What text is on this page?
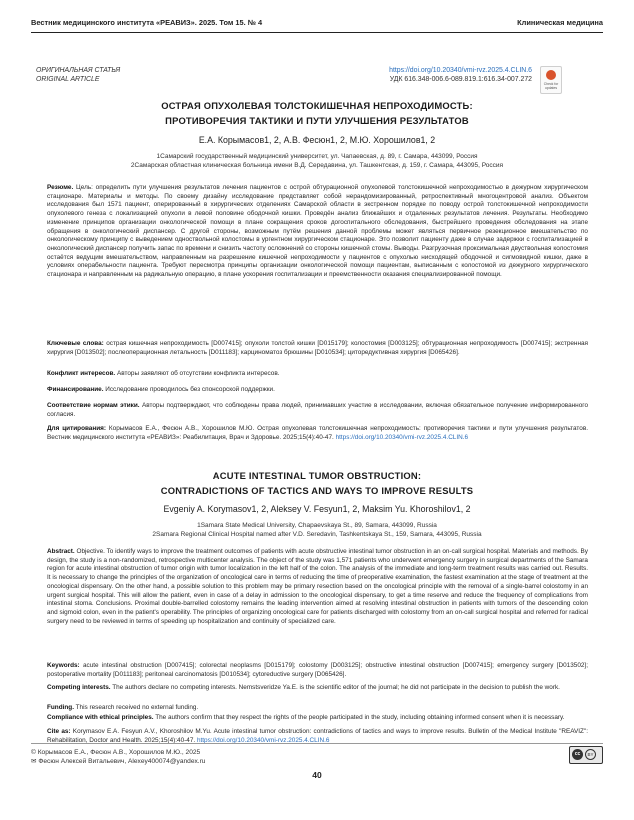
Вестник медицинского института «РЕАВИЗ». 2025. Том 15. № 4	Клиническая медицина
ОРИГИНАЛЬНАЯ СТАТЬЯ
ORIGINAL ARTICLE
https://doi.org/10.20340/vmi-rvz.2025.4.CLIN.6
УДК 616.348-006.6-089.819.1:616.34-007.272
Check for updates
ОСТРАЯ ОПУХОЛЕВАЯ ТОЛСТОКИШЕЧНАЯ НЕПРОХОДИМОСТЬ:
ПРОТИВОРЕЧИЯ ТАКТИКИ И ПУТИ УЛУЧШЕНИЯ РЕЗУЛЬТАТОВ
Е.А. Корымасов1, 2, А.В. Фесюн1, 2, М.Ю. Хорошилов1, 2
1Самарский государственный медицинский университет, ул. Чапаевская, д. 89, г. Самара, 443099, Россия
2Самарская областная клиническая больница имени В.Д. Середавина, ул. Ташкентская, д. 159, г. Самара, 443095, Россия
Резюме. Цель: определить пути улучшения результатов лечения пациентов с острой обтурационной опухолевой толстокишечной непроходимостью в дежурном хирургическом стационаре. Материалы и методы. По своему дизайну исследование представляет собой нерандомизированный, ретроспективный многоцентровой анализ. Объектом исследования был 1571 пациент, оперированный в хирургических отделениях Самарской области в экстренном порядке по поводу острой толстокишечной непроходимости опухолевого генеза с локализацией опухоли в левой половине ободочной кишки. Проведён анализ ближайших и отдаленных результатов лечения. Результаты. Необходимо изменение принципов организации онкологической помощи в плане сокращения сроков догоспитального обследования, быстрейшего проведения обследования на этапе обращения в онкологический диспансер. С другой стороны, возможным путём решения данной проблемы может являться первичное резекционное вмешательство по онкологическому принципу с выведением одноствольной колостомы в ургентном хирургическом стационаре. Это позволит пациенту даже в случае задержки с госпитализацией в онкологический диспансер получить запас по времени и снизить частоту осложнений со стороны кишечной стомы. Выводы. Разгрузочная проксимальная двуствольная колостомия остаётся ведущим вмешательством, направленным на разрешение кишечной непроходимости у пациентов с опухолью нисходящей ободочной и сигмовидной кишки, даже в условиях операбельности пациента. Требуют пересмотра принципы организации онкологической помощи пациентам, выписанным с колостомой из дежурного хирургического стационара и направленным на радикальную операцию, в плане ускорения госпитализации и преемственности оказания специализированной помощи.
Ключевые слова: острая кишечная непроходимость [D007415]; опухоли толстой кишки [D015179]; колостомия [D003125]; обтурационная непроходимость [D007415]; экстренная хирургия [D013502]; послеоперационная летальность [D011183]; карциноматоз брюшины [D010534]; циторедуктивная хирургия [D065426].
Конфликт интересов. Авторы заявляют об отсутствии конфликта интересов.
Финансирование. Исследование проводилось без спонсорской поддержки.
Соответствие нормам этики. Авторы подтверждают, что соблюдены права людей, принимавших участие в исследовании, включая обязательное получение информированного согласия.
Для цитирования: Корымасов Е.А., Фесюн А.В., Хорошилов М.Ю. Острая опухолевая толстокишечная непроходимость: противоречия тактики и пути улучшения результатов. Вестник медицинского института «РЕАВИЗ»: Реабилитация, Врач и Здоровье. 2025;15(4):40-47. https://doi.org/10.20340/vmi-rvz.2025.4.CLIN.6
ACUTE INTESTINAL TUMOR OBSTRUCTION:
CONTRADICTIONS OF TACTICS AND WAYS TO IMPROVE RESULTS
Evgeniy A. Korymasov1, 2, Aleksey V. Fesyun1, 2, Maksim Yu. Khoroshilov1, 2
1Samara State Medical University, Chapaevskaya St., 89, Samara, 443099, Russia
2Samara Regional Clinical Hospital named after V.D. Seredavin, Tashkentskaya St., 159, Samara, 443095, Russia
Abstract. Objective. To identify ways to improve the treatment outcomes of patients with acute obstructive intestinal tumor obstruction in an on-call surgical hospital. Materials and methods. By design, the study is a non-randomized, retrospective multicenter analysis. The object of the study was 1,571 patients who underwent emergency surgery in surgical departments of the Samara region for acute intestinal obstruction of tumor origin with tumor localization in the left half of the colon. The analysis of the immediate and long-term treatment results was carried out. Results. It is necessary to change the principles of the organization of oncological care in terms of reducing the time of preoperative examination, the fastest examination at the stage of treatment at the oncological dispensary. On the other hand, a possible solution to this problem may be primary resection based on the oncological principle with the removal of a single-barrel colostomy in an urgent surgical hospital. This will allow the patient, even in case of a delay in admission to the oncological dispensary, to get a time reserve and reduce the frequency of complications from intestinal stoma. Conclusions. Proximal double-barrelled colostomy remains the leading intervention aimed at resolving intestinal obstruction in patients with tumors of the descending colon and sigmoid colon, even in the patient's operability. The principles of organizing oncological care for patients discharged with colostomy from an on-call surgical hospital and referred for radical surgery need to be reviewed in terms of speeding up hospitalization and continuity of specialized care.
Keywords: acute intestinal obstruction [D007415]; colorectal neoplasms [D015179]; colostomy [D003125]; obstructive intestinal obstruction [D007415]; emergency surgery [D013502]; postoperative mortality [D011183]; peritoneal carcinomatosis [D010534]; cytoreductive surgery [D065426].
Competing interests. The authors declare no competing interests. Nemstsveridze Ya.E. is the scientific editor of the journal; he did not participate in the decision to publish the work.
Funding. This research received no external funding.
Compliance with ethical principles. The authors confirm that they respect the rights of the people participated in the study, including obtaining informed consent when it is necessary.
Cite as: Korymasov E.A. Fesyun A.V., Khoroshilov M.Yu. Acute intestinal tumor obstruction: contradictions of tactics and ways to improve results. Bulletin of the Medical Institute "REAVIZ": Rehabilitation, Doctor and Health. 2025;15(4):40-47. https://doi.org/10.20340/vmi-rvz.2025.4.CLIN.6
© Корымасов Е.А., Фесюн А.В., Хорошилов М.Ю., 2025
✉ Фесюн Алексей Витальевич, Alexey400074@yandex.ru
cc	BY
40
